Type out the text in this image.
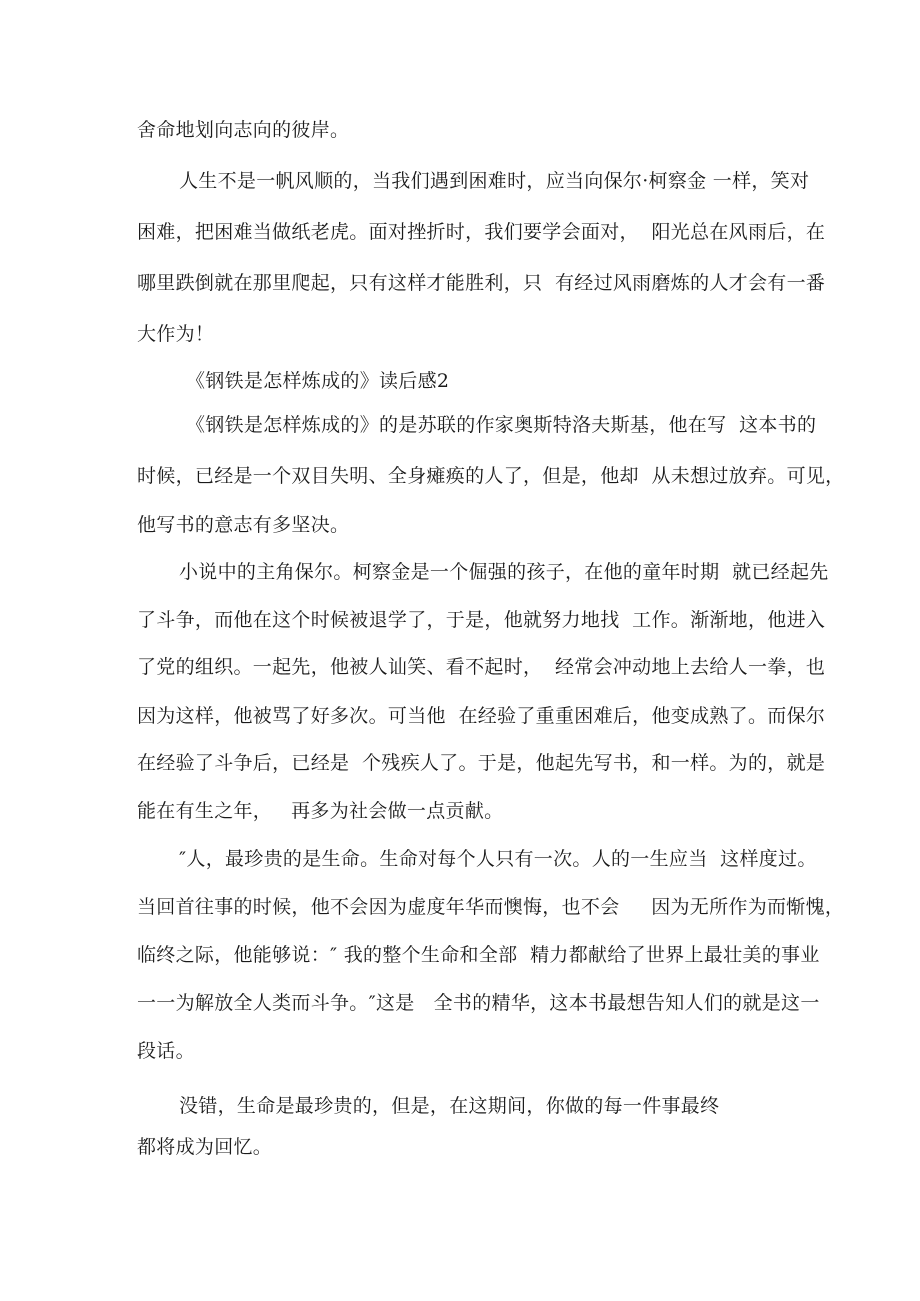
舍命地划向志向的彼岸。
人生不是一帆风顺的，当我们遇到困难时，应当向保尔·柯察金 一样，笑对
困难，把困难当做纸老虎。面对挫折时，我们要学会面对，  阳光总在风雨后，在
哪里跌倒就在那里爬起，只有这样才能胜利，只  有经过风雨磨炼的人才会有一番
大作为！
《钢铁是怎样炼成的》读后感2
《钢铁是怎样炼成的》的是苏联的作家奥斯特洛夫斯基，他在写  这本书的
时候，已经是一个双目失明、全身瘫痪的人了，但是，他却  从未想过放弃。可见，
他写书的意志有多坚决。
小说中的主角保尔。柯察金是一个倔强的孩子，在他的童年时期  就已经起先
了斗争，而他在这个时候被退学了，于是，他就努力地找  工作。渐渐地，他进入
了党的组织。一起先，他被人讪笑、看不起时，  经常会冲动地上去给人一拳，也
因为这样，他被骂了好多次。可当他  在经验了重重困难后，他变成熟了。而保尔
在经验了斗争后，已经是  个残疾人了。于是，他起先写书，和一样。为的，就是
能在有生之年，   再多为社会做一点贡献。
″人，最珍贵的是生命。生命对每个人只有一次。人的一生应当  这样度过。
当回首往事的时候，他不会因为虚度年华而懊悔，也不会     因为无所作为而惭愧，
临终之际，他能够说：″ 我的整个生命和全部  精力都献给了世界上最壮美的事业
一一为解放全人类而斗争。″这是   全书的精华，这本书最想告知人们的就是这一
段话。
没错，生命是最珍贵的，但是，在这期间，你做的每一件事最终
都将成为回忆。
